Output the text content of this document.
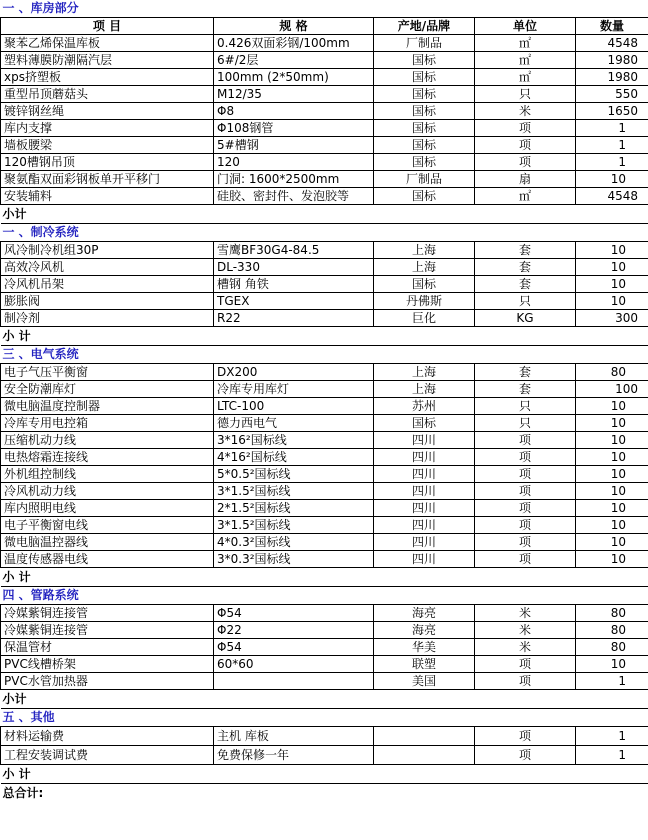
一 、库房部分				
项 目	规 格	产地/品牌	单位	数量
聚苯乙烯保温库板	0.426双面彩钢/100mm	厂制品	㎡	4548
塑料薄膜防潮隔汽层	6#/2层	国标	㎡	1980
xps挤塑板	100mm (2*50mm)	国标	㎡	1980
重型吊顶蘑菇头	M12/35	国标	只	550
镀锌钢丝绳	Φ8	国标	米	1650
库内支撑	Φ108钢管	国标	项	1
墙板腰梁	5#槽钢	国标	项	1
120槽钢吊顶	120	国标	项	1
聚氨酯双面彩钢板单开平移门	门洞: 1600*2500mm	厂制品	扇	10
安装辅料	硅胶、密封件、发泡胶等	国标	㎡	4548
小计				
一 、制冷系统				
风冷制冷机组30P	雪鹰BF30G4-84.5	上海	套	10
高效冷风机	DL-330	上海	套	10
冷风机吊架	槽钢 角铁	国标	套	10
膨胀阀	TGEX	丹佛斯	只	10
制冷剂	R22	巨化	KG	300
小 计				
三 、电气系统				
电子气压平衡窗	DX200	上海	套	80
安全防潮库灯	冷库专用库灯	上海	套	100
微电脑温度控制器	LTC-100	苏州	只	10
冷库专用电控箱	德力西电气	国标	只	10
压缩机动力线	3*16²国标线	四川	项	10
电热熔霜连接线	4*16²国标线	四川	项	10
外机组控制线	5*0.5²国标线	四川	项	10
冷风机动力线	3*1.5²国标线	四川	项	10
库内照明电线	2*1.5²国标线	四川	项	10
电子平衡窗电线	3*1.5²国标线	四川	项	10
微电脑温控器线	4*0.3²国标线	四川	项	10
温度传感器电线	3*0.3²国标线	四川	项	10
小 计				
四 、管路系统				
冷媒紫铜连接管	Φ54	海亮	米	80
冷媒紫铜连接管	Φ22	海亮	米	80
保温管材	Φ54	华美	米	80
PVC线槽桥架	60*60	联塑	项	10
PVC水管加热器		美国	项	1
小计				
五 、其他				
材料运输费	主机 库板		项	1
工程安装调试费	免费保修一年		项	1
小 计				
总合计:				
